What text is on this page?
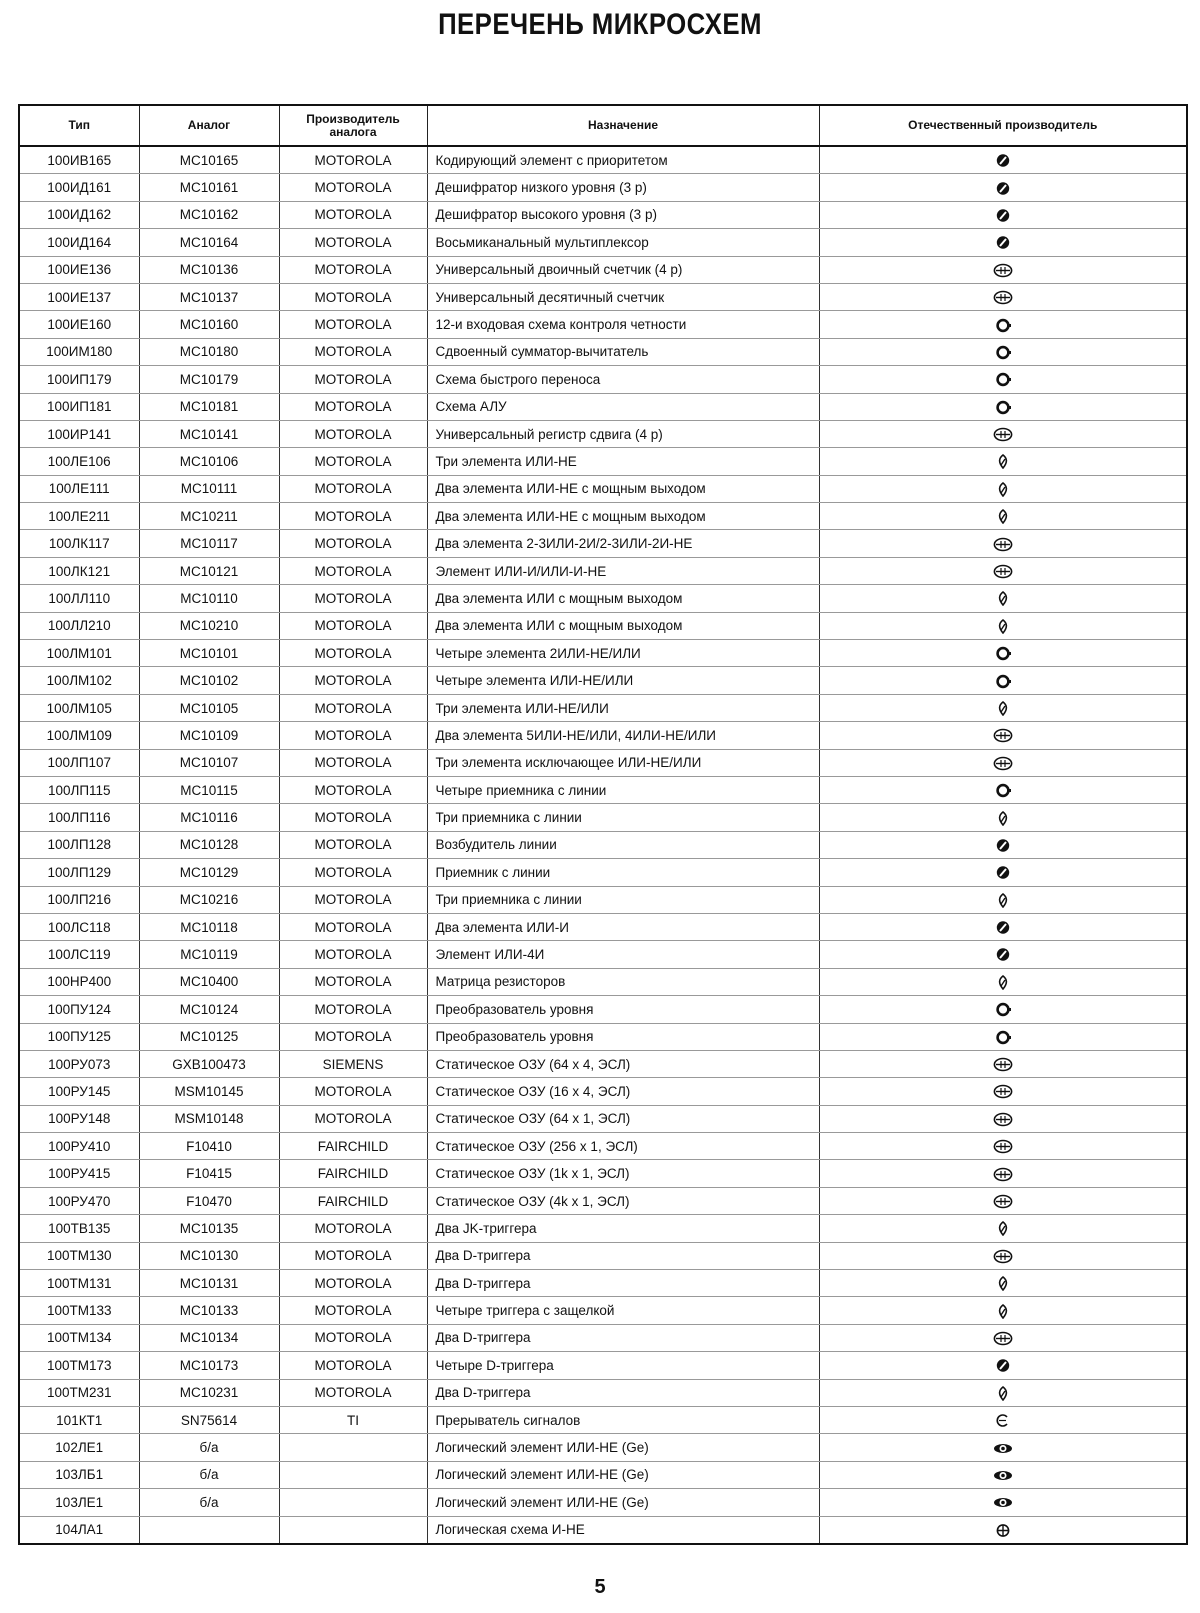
ПЕРЕЧЕНЬ МИКРОСХЕМ
Тип	Аналог	Производитель аналога	Назначение	Отечественный производитель
100ИВ165	MC10165	MOTOROLA	Кодирующий элемент с приоритетом	
100ИД161	MC10161	MOTOROLA	Дешифратор низкого уровня (3 р)	
100ИД162	MC10162	MOTOROLA	Дешифратор высокого уровня (3 р)	
100ИД164	MC10164	MOTOROLA	Восьмиканальный мультиплексор	
100ИЕ136	MC10136	MOTOROLA	Универсальный двоичный счетчик (4 р)	
100ИЕ137	MC10137	MOTOROLA	Универсальный десятичный счетчик	
100ИЕ160	MC10160	MOTOROLA	12-и входовая схема контроля четности	
100ИМ180	MC10180	MOTOROLA	Сдвоенный сумматор-вычитатель	
100ИП179	MC10179	MOTOROLA	Схема быстрого переноса	
100ИП181	MC10181	MOTOROLA	Схема АЛУ	
100ИР141	MC10141	MOTOROLA	Универсальный регистр сдвига (4 р)	
100ЛЕ106	MC10106	MOTOROLA	Три элемента ИЛИ-НЕ	
100ЛЕ111	MC10111	MOTOROLA	Два элемента ИЛИ-НЕ с мощным выходом	
100ЛЕ211	MC10211	MOTOROLA	Два элемента ИЛИ-НЕ с мощным выходом	
100ЛК117	MC10117	MOTOROLA	Два элемента 2-3ИЛИ-2И/2-3ИЛИ-2И-НЕ	
100ЛК121	MC10121	MOTOROLA	Элемент ИЛИ-И/ИЛИ-И-НЕ	
100ЛЛ110	MC10110	MOTOROLA	Два элемента ИЛИ с мощным выходом	
100ЛЛ210	MC10210	MOTOROLA	Два элемента ИЛИ с мощным выходом	
100ЛМ101	MC10101	MOTOROLA	Четыре элемента 2ИЛИ-НЕ/ИЛИ	
100ЛМ102	MC10102	MOTOROLA	Четыре элемента ИЛИ-НЕ/ИЛИ	
100ЛМ105	MC10105	MOTOROLA	Три элемента ИЛИ-НЕ/ИЛИ	
100ЛМ109	MC10109	MOTOROLA	Два элемента 5ИЛИ-НЕ/ИЛИ, 4ИЛИ-НЕ/ИЛИ	
100ЛП107	MC10107	MOTOROLA	Три элемента исключающее ИЛИ-НЕ/ИЛИ	
100ЛП115	MC10115	MOTOROLA	Четыре приемника с линии	
100ЛП116	MC10116	MOTOROLA	Три приемника с линии	
100ЛП128	MC10128	MOTOROLA	Возбудитель линии	
100ЛП129	MC10129	MOTOROLA	Приемник с линии	
100ЛП216	MC10216	MOTOROLA	Три приемника с линии	
100ЛС118	MC10118	MOTOROLA	Два элемента ИЛИ-И	
100ЛС119	MC10119	MOTOROLA	Элемент ИЛИ-4И	
100НР400	MC10400	MOTOROLA	Матрица резисторов	
100ПУ124	MC10124	MOTOROLA	Преобразователь уровня	
100ПУ125	MC10125	MOTOROLA	Преобразователь уровня	
100РУ073	GXB100473	SIEMENS	Статическое ОЗУ (64 х 4, ЭСЛ)	
100РУ145	MSM10145	MOTOROLA	Статическое ОЗУ (16 х 4, ЭСЛ)	
100РУ148	MSM10148	MOTOROLA	Статическое ОЗУ (64 х 1, ЭСЛ)	
100РУ410	F10410	FAIRCHILD	Статическое ОЗУ (256 х 1, ЭСЛ)	
100РУ415	F10415	FAIRCHILD	Статическое ОЗУ (1k х 1, ЭСЛ)	
100РУ470	F10470	FAIRCHILD	Статическое ОЗУ (4k х 1, ЭСЛ)	
100ТВ135	MC10135	MOTOROLA	Два JK-триггера	
100ТМ130	MC10130	MOTOROLA	Два D-триггера	
100ТМ131	MC10131	MOTOROLA	Два D-триггера	
100ТМ133	MC10133	MOTOROLA	Четыре триггера с защелкой	
100ТМ134	MC10134	MOTOROLA	Два D-триггера	
100ТМ173	MC10173	MOTOROLA	Четыре D-триггера	
100ТМ231	MC10231	MOTOROLA	Два D-триггера	
101КТ1	SN75614	TI	Прерыватель сигналов	
102ЛЕ1	б/а		Логический элемент ИЛИ-НЕ (Ge)	
103ЛБ1	б/а		Логический элемент ИЛИ-НЕ (Ge)	
103ЛЕ1	б/а		Логический элемент ИЛИ-НЕ (Ge)	
104ЛА1			Логическая схема И-НЕ	
5
